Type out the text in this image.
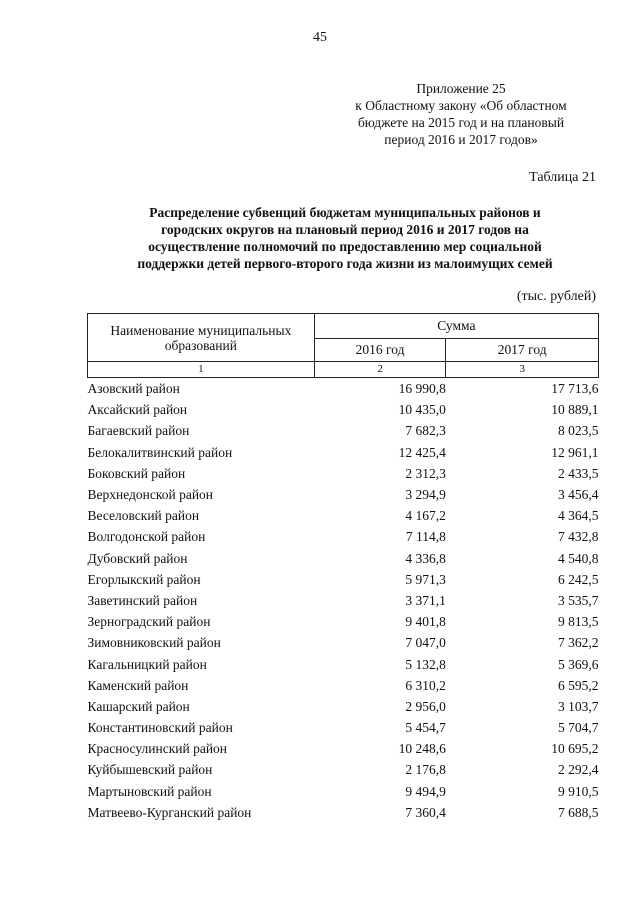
45
Приложение 25
к Областному закону «Об областном
бюджете на 2015 год и на плановый
период 2016 и 2017 годов»
Таблица 21
Распределение субвенций бюджетам муниципальных районов и
городских округов на плановый период 2016 и 2017 годов на
осуществление полномочий по предоставлению мер социальной
поддержки детей первого-второго года жизни из малоимущих семей
(тыс. рублей)
Наименование муниципальных
образований	Сумма	
	2016 год	2017 год
1	2	3
Азовский район	16 990,8	17 713,6
Аксайский район	10 435,0	10 889,1
Багаевский район	7 682,3	8 023,5
Белокалитвинский район	12 425,4	12 961,1
Боковский район	2 312,3	2 433,5
Верхнедонской район	3 294,9	3 456,4
Веселовский район	4 167,2	4 364,5
Волгодонской район	7 114,8	7 432,8
Дубовский район	4 336,8	4 540,8
Егорлыкский район	5 971,3	6 242,5
Заветинский район	3 371,1	3 535,7
Зерноградский район	9 401,8	9 813,5
Зимовниковский район	7 047,0	7 362,2
Кагальницкий район	5 132,8	5 369,6
Каменский район	6 310,2	6 595,2
Кашарский район	2 956,0	3 103,7
Константиновский район	5 454,7	5 704,7
Красносулинский район	10 248,6	10 695,2
Куйбышевский район	2 176,8	2 292,4
Мартыновский район	9 494,9	9 910,5
Матвеево-Курганский район	7 360,4	7 688,5
